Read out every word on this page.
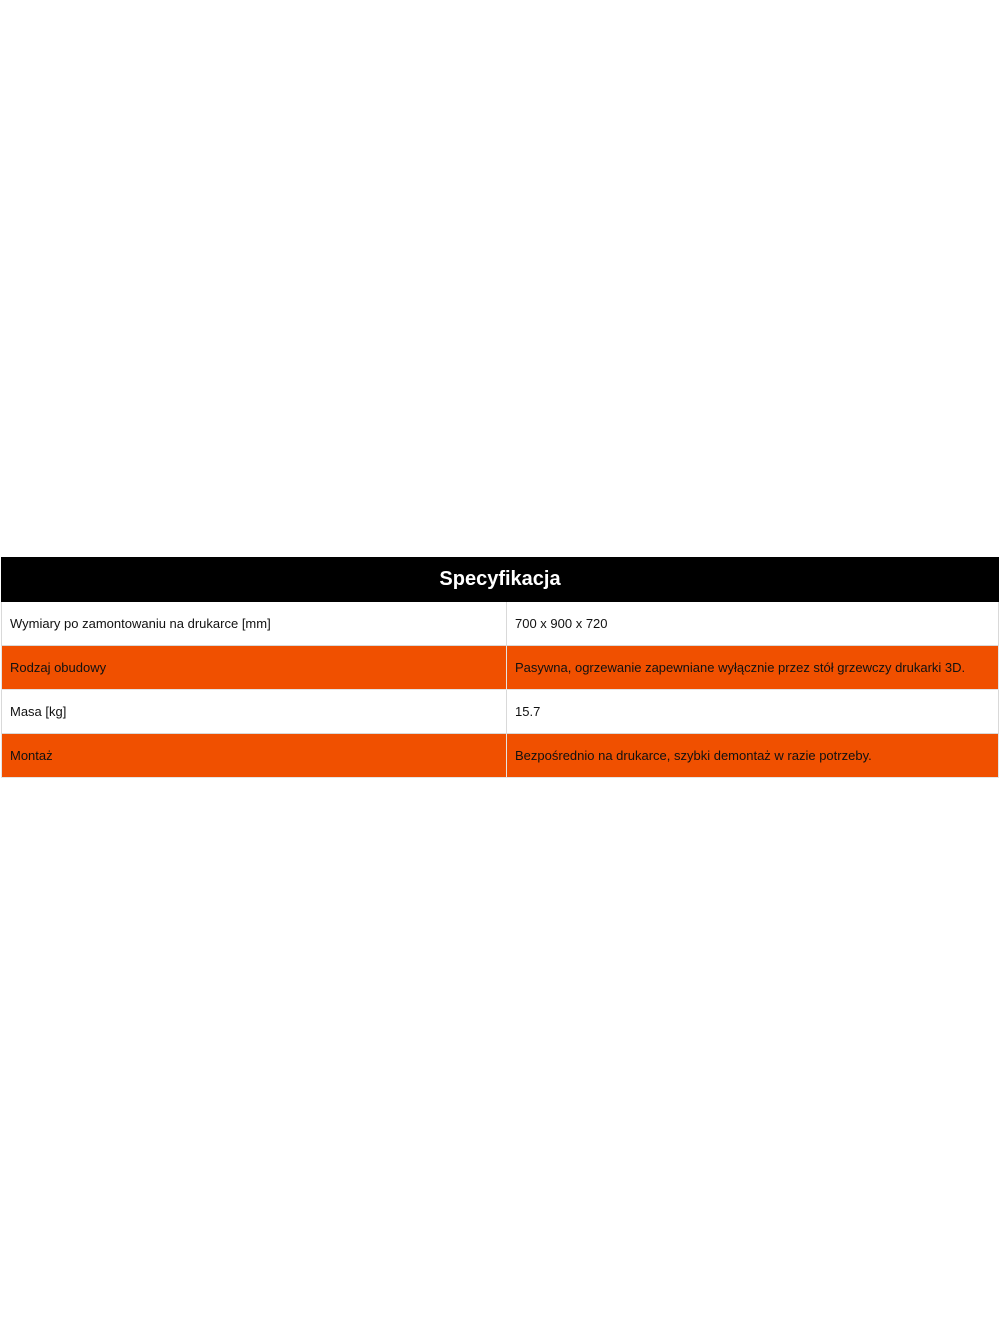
Specyfikacja	
Wymiary po zamontowaniu na drukarce [mm]	700 x 900 x 720
Rodzaj obudowy	Pasywna, ogrzewanie zapewniane wyłącznie przez stół grzewczy drukarki 3D.
Masa [kg]	15.7
Montaż	Bezpośrednio na drukarce, szybki demontaż w razie potrzeby.
